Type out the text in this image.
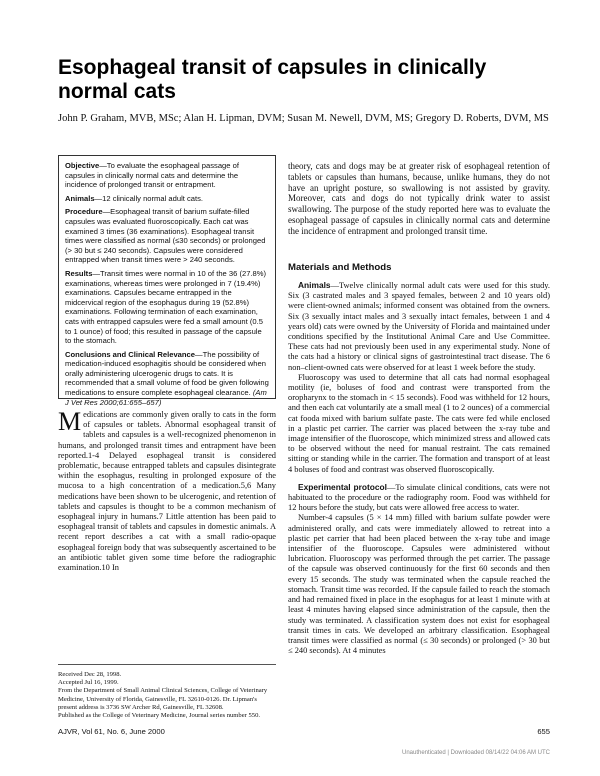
Esophageal transit of capsules in clinically normal cats
John P. Graham, MVB, MSc; Alan H. Lipman, DVM; Susan M. Newell, DVM, MS; Gregory D. Roberts, DVM, MS

Objective—To evaluate the esophageal passage of capsules in clinically normal cats and determine the incidence of prolonged transit or entrapment.

Animals—12 clinically normal adult cats.

Procedure—Esophageal transit of barium sulfate-filled capsules was evaluated fluoroscopically. Each cat was examined 3 times (36 examinations). Esophageal transit times were classified as normal (≤30 seconds) or prolonged (> 30 but ≤ 240 seconds). Capsules were considered entrapped when transit times were > 240 seconds.

Results—Transit times were normal in 10 of the 36 (27.8%) examinations, whereas times were prolonged in 7 (19.4%) examinations. Capsules became entrapped in the midcervical region of the esophagus during 19 (52.8%) examinations. Following termination of each examination, cats with entrapped capsules were fed a small amount (0.5 to 1 ounce) of food; this resulted in passage of the capsule to the stomach.

Conclusions and Clinical Relevance—The possibility of medication-induced esophagitis should be considered when orally administering ulcerogenic drugs to cats. It is recommended that a small volume of food be given following medications to ensure complete esophageal clearance. (Am J Vet Res 2000;61:655–657)

Medications are commonly given orally to cats in the form of capsules or tablets. Abnormal esophageal transit of tablets and capsules is a well-recognized phenomenon in humans, and prolonged transit times and entrapment have been reported.1-4 Delayed esophageal transit is considered problematic, because entrapped tablets and capsules disintegrate within the esophagus, resulting in prolonged exposure of the mucosa to a high concentration of a medication.5,6 Many medications have been shown to be ulcerogenic, and retention of tablets and capsules is thought to be a common mechanism of esophageal injury in humans.7 Little attention has been paid to esophageal transit of tablets and capsules in domestic animals. A recent report describes a cat with a small radio-opaque esophageal foreign body that was subsequently ascertained to be an antibiotic tablet given some time before the radiographic examination.10 In

Received Dec 28, 1998.

Accepted Jul 16, 1999.

From the Department of Small Animal Clinical Sciences, College of Veterinary Medicine, University of Florida, Gainesville, FL 32610-0126. Dr. Lipman's present address is 3736 SW Archer Rd, Gainesville, FL 32608.

Published as the College of Veterinary Medicine, Journal series number 550.

theory, cats and dogs may be at greater risk of esophageal retention of tablets or capsules than humans, because, unlike humans, they do not have an upright posture, so swallowing is not assisted by gravity. Moreover, cats and dogs do not typically drink water to assist swallowing. The purpose of the study reported here was to evaluate the esophageal passage of capsules in clinically normal cats and determine the incidence of entrapment and prolonged transit time.

Materials and Methods

Animals—Twelve clinically normal adult cats were used for this study. Six (3 castrated males and 3 spayed females, between 2 and 10 years old) were client-owned animals; informed consent was obtained from the owners. Six (3 sexually intact males and 3 sexually intact females, between 1 and 4 years old) cats were owned by the University of Florida and maintained under conditions specified by the Institutional Animal Care and Use Committee. These cats had not previously been used in any experimental study. None of the cats had a history or clinical signs of gastrointestinal tract disease. The 6 non–client-owned cats were observed for at least 1 week before the study.

Fluoroscopy was used to determine that all cats had normal esophageal motility (ie, boluses of food and contrast were transported from the oropharynx to the stomach in < 15 seconds). Food was withheld for 12 hours, and then each cat voluntarily ate a small meal (1 to 2 ounces) of a commercial cat fooda mixed with barium sulfate paste. The cats were fed while enclosed in a plastic pet carrier. The carrier was placed between the x-ray tube and image intensifier of the fluoroscope, which minimized stress and allowed cats to be observed without the need for manual restraint. The cats remained sitting or standing while in the carrier. The formation and transport of at least 4 boluses of food and contrast was observed fluoroscopically.

Experimental protocol—To simulate clinical conditions, cats were not habituated to the procedure or the radiography room. Food was withheld for 12 hours before the study, but cats were allowed free access to water.

Number-4 capsules (5 × 14 mm) filled with barium sulfate powder were administered orally, and cats were immediately allowed to retreat into a plastic pet carrier that had been placed between the x-ray tube and image intensifier of the fluoroscope. Capsules were administered without lubrication. Fluoroscopy was performed through the pet carrier. The passage of the capsule was observed continuously for the first 60 seconds and then every 15 seconds. The study was terminated when the capsule reached the stomach. Transit time was recorded. If the capsule failed to reach the stomach and had remained fixed in place in the esophagus for at least 1 minute with at least 4 minutes having elapsed since administration of the capsule, then the study was terminated. A classification system does not exist for esophageal transit times in cats. We developed an arbitrary classification. Esophageal transit times were classified as normal (≤ 30 seconds) or prolonged (> 30 but ≤ 240 seconds). At 4 minutes

AJVR, Vol 61, No. 6, June 2000	655
Unauthenticated | Downloaded 08/14/22 04:06 AM UTC
